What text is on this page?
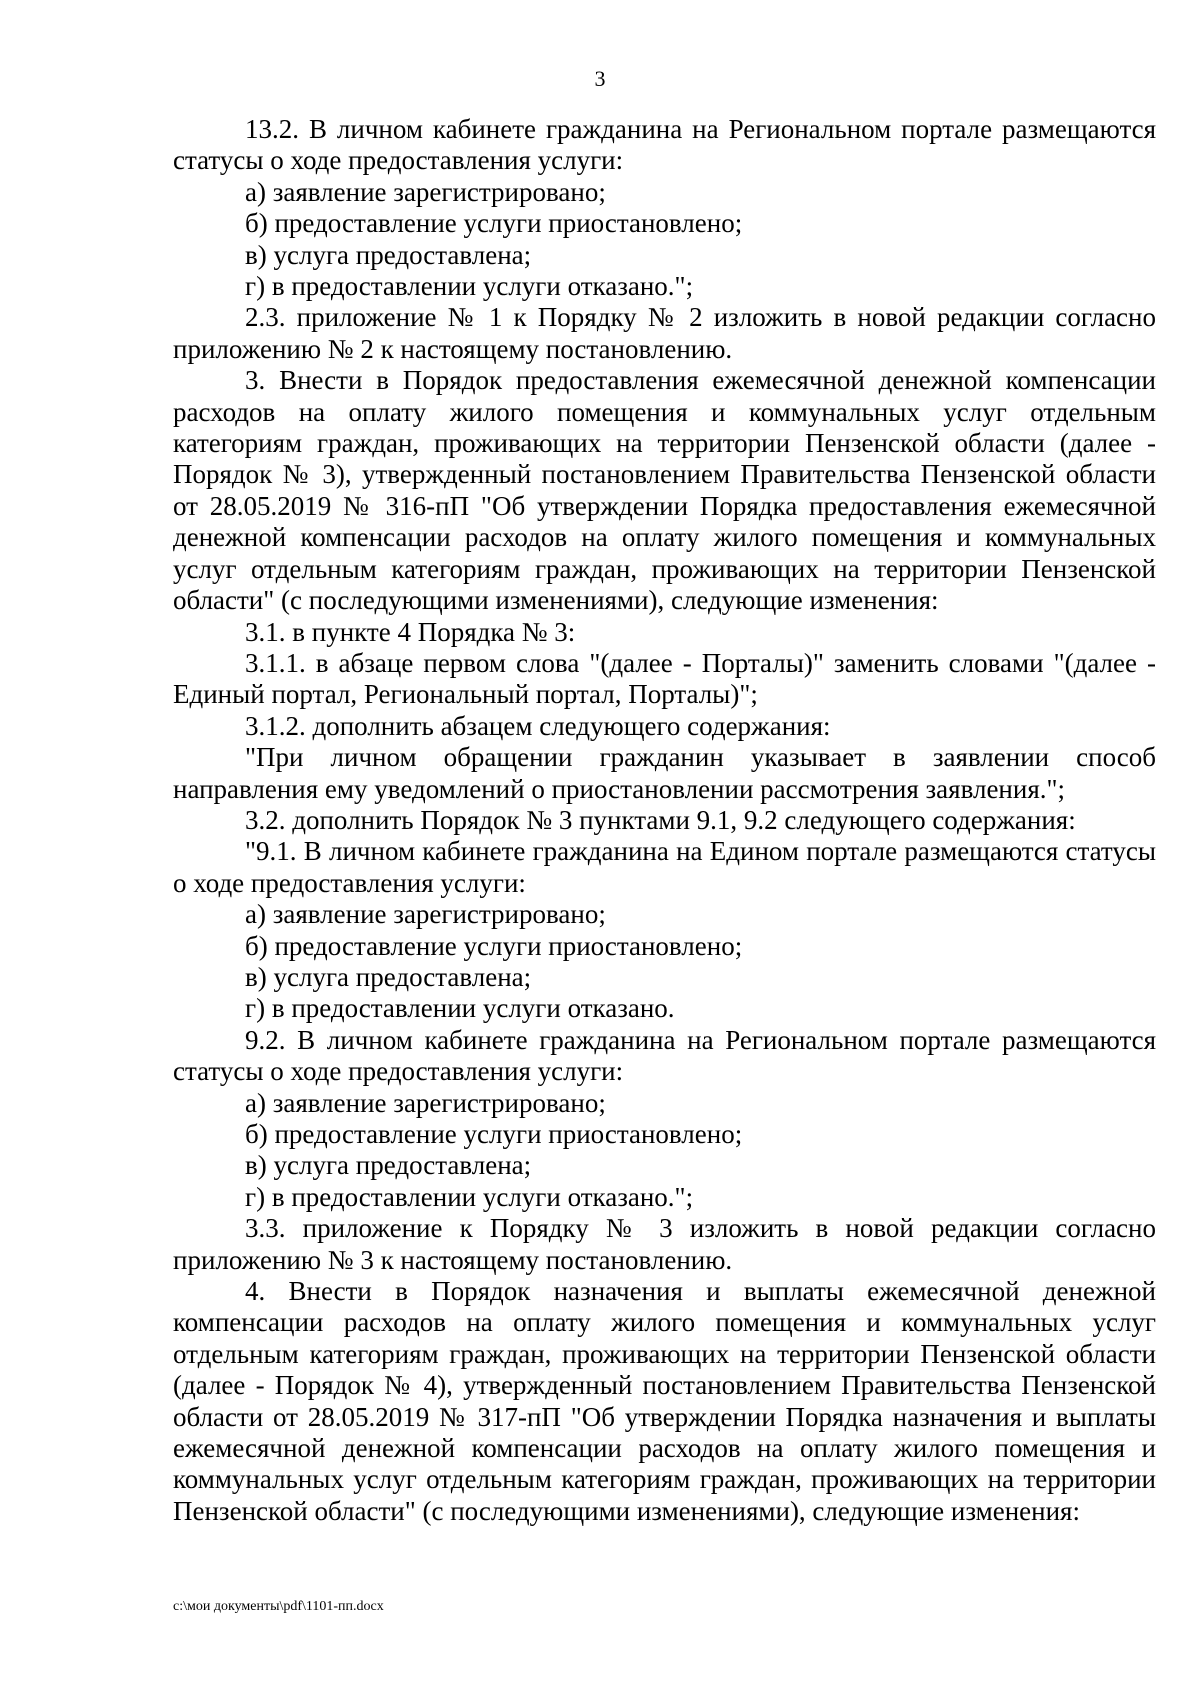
3

13.2. В личном кабинете гражданина на Региональном портале размещаются статусы о ходе предоставления услуги:

а) заявление зарегистрировано;

б) предоставление услуги приостановлено;

в) услуга предоставлена;

г) в предоставлении услуги отказано.";

2.3. приложение № 1 к Порядку № 2 изложить в новой редакции согласно приложению № 2 к настоящему постановлению.

3. Внести в Порядок предоставления ежемесячной денежной компенсации расходов на оплату жилого помещения и коммунальных услуг отдельным категориям граждан, проживающих на территории Пензенской области (далее - Порядок № 3), утвержденный постановлением Правительства Пензенской области от 28.05.2019 № 316-пП "Об утверждении Порядка предоставления ежемесячной денежной компенсации расходов на оплату жилого помещения и коммунальных услуг отдельным категориям граждан, проживающих на территории Пензенской области" (с последующими изменениями), следующие изменения:

3.1. в пункте 4 Порядка № 3:

3.1.1. в абзаце первом слова "(далее - Порталы)" заменить словами "(далее - Единый портал, Региональный портал, Порталы)";

3.1.2. дополнить абзацем следующего содержания:

"При личном обращении гражданин указывает в заявлении способ направления ему уведомлений о приостановлении рассмотрения заявления.";

3.2. дополнить Порядок № 3 пунктами 9.1, 9.2 следующего содержания:

"9.1. В личном кабинете гражданина на Едином портале размещаются статусы о ходе предоставления услуги:

а) заявление зарегистрировано;

б) предоставление услуги приостановлено;

в) услуга предоставлена;

г) в предоставлении услуги отказано.

9.2. В личном кабинете гражданина на Региональном портале размещаются статусы о ходе предоставления услуги:

а) заявление зарегистрировано;

б) предоставление услуги приостановлено;

в) услуга предоставлена;

г) в предоставлении услуги отказано.";

3.3. приложение к Порядку № 3 изложить в новой редакции согласно приложению № 3 к настоящему постановлению.

4. Внести в Порядок назначения и выплаты ежемесячной денежной компенсации расходов на оплату жилого помещения и коммунальных услуг отдельным категориям граждан, проживающих на территории Пензенской области (далее - Порядок № 4), утвержденный постановлением Правительства Пензенской области от 28.05.2019 № 317-пП "Об утверждении Порядка назначения и выплаты ежемесячной денежной компенсации расходов на оплату жилого помещения и коммунальных услуг отдельным категориям граждан, проживающих на территории Пензенской области" (с последующими изменениями), следующие изменения:

c:\мои документы\pdf\1101-пп.docx
